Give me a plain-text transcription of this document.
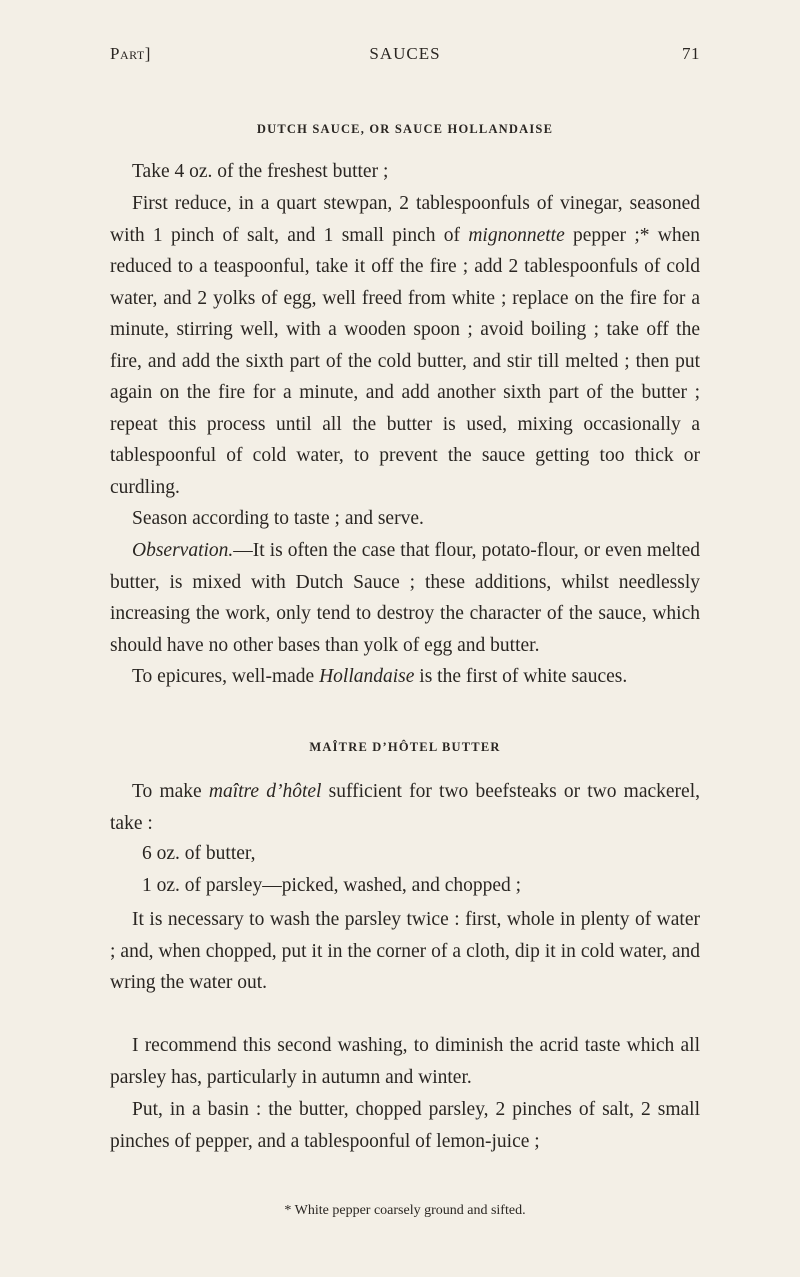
Part]	SAUCES	71
DUTCH SAUCE, OR SAUCE HOLLANDAISE
Take 4 oz. of the freshest butter ;
First reduce, in a quart stewpan, 2 tablespoonfuls of vinegar, seasoned with 1 pinch of salt, and 1 small pinch of mignonnette pepper ;* when reduced to a teaspoonful, take it off the fire ; add 2 tablespoonfuls of cold water, and 2 yolks of egg, well freed from white ; replace on the fire for a minute, stirring well, with a wooden spoon ; avoid boiling ; take off the fire, and add the sixth part of the cold butter, and stir till melted ; then put again on the fire for a minute, and add another sixth part of the butter ; repeat this process until all the butter is used, mixing occasionally a tablespoonful of cold water, to prevent the sauce getting too thick or curdling.
Season according to taste ; and serve.
Observation.—It is often the case that flour, potato-flour, or even melted butter, is mixed with Dutch Sauce ; these additions, whilst needlessly increasing the work, only tend to destroy the character of the sauce, which should have no other bases than yolk of egg and butter.
To epicures, well-made Hollandaise is the first of white sauces.
MAÎTRE D’HÔTEL BUTTER
To make maître d’hôtel sufficient for two beefsteaks or two mackerel, take :
6 oz. of butter,
1 oz. of parsley—picked, washed, and chopped ;
It is necessary to wash the parsley twice : first, whole in plenty of water ; and, when chopped, put it in the corner of a cloth, dip it in cold water, and wring the water out.
I recommend this second washing, to diminish the acrid taste which all parsley has, particularly in autumn and winter.
Put, in a basin : the butter, chopped parsley, 2 pinches of salt, 2 small pinches of pepper, and a tablespoonful of lemon-juice ;
* White pepper coarsely ground and sifted.
